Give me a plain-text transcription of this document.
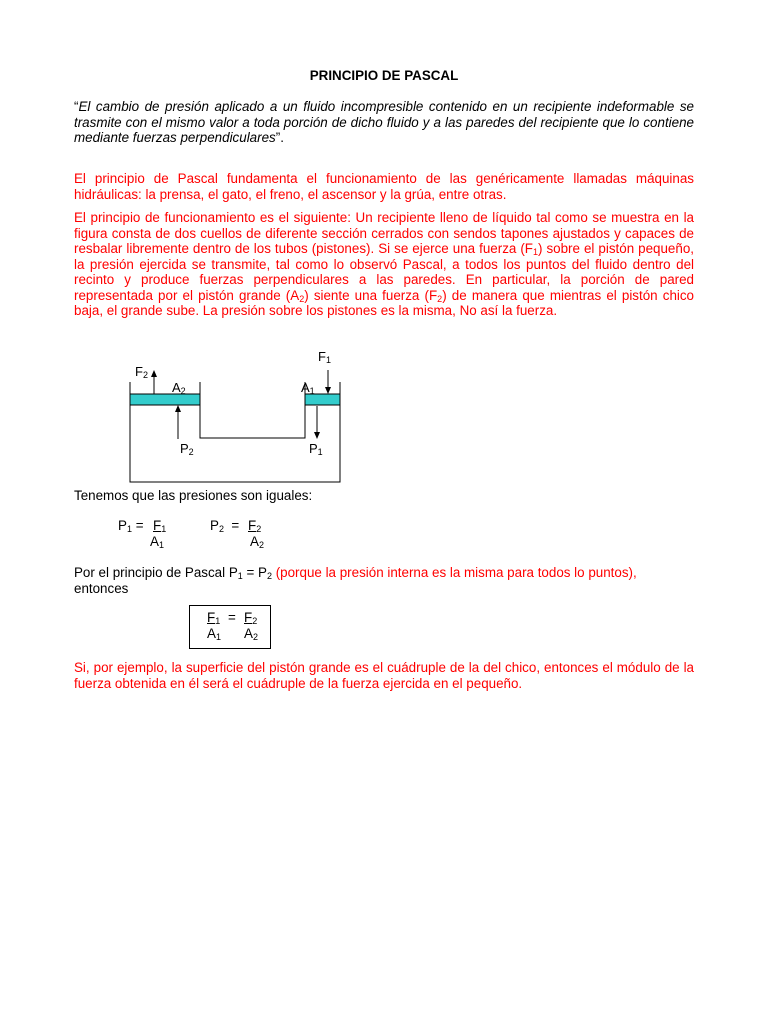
PRINCIPIO DE PASCAL

“El cambio de presión aplicado a un fluido incompresible contenido en un recipiente indeformable se trasmite con el mismo valor a toda porción de dicho fluido y a las paredes del recipiente que lo contiene mediante fuerzas perpendiculares”.

El principio de Pascal fundamenta el funcionamiento de las genéricamente llamadas máquinas hidráulicas: la prensa, el gato, el freno, el ascensor y la grúa, entre otras.

El principio de funcionamiento es el siguiente: Un recipiente lleno de líquido tal como se muestra en la figura consta de dos cuellos de diferente sección cerrados con sendos tapones ajustados y capaces de resbalar libremente dentro de los tubos (pistones). Si se ejerce una fuerza $(F_1)$ sobre el pistón pequeño, la presión ejercida se transmite, tal como lo observó Pascal, a todos los puntos del fluido dentro del recinto y produce fuerzas perpendiculares a las paredes. En particular, la porción de pared representada por el pistón grande $(A_2)$ siente una fuerza $(F_2)$ de manera que mientras el pistón chico baja, el grande sube. La presión sobre los pistones es la misma, No así la fuerza.

$F_2$
$A_2$
$P_2$
$F_1$
$A_1$
$P_1$

Tenemos que las presiones son iguales:

$P_1 = F_1$
$A_1$
$P_2 = F_2$
$A_2$

Por el principio de Pascal $P_1 = P_2$ (porque la presión interna es la misma para todos lo puntos),
entonces

$F_1 = F_2$
$A_1$ $A_2$

Si, por ejemplo, la superficie del pistón grande es el cuádruple de la del chico, entonces el módulo de la fuerza obtenida en él será el cuádruple de la fuerza ejercida en el pequeño.
